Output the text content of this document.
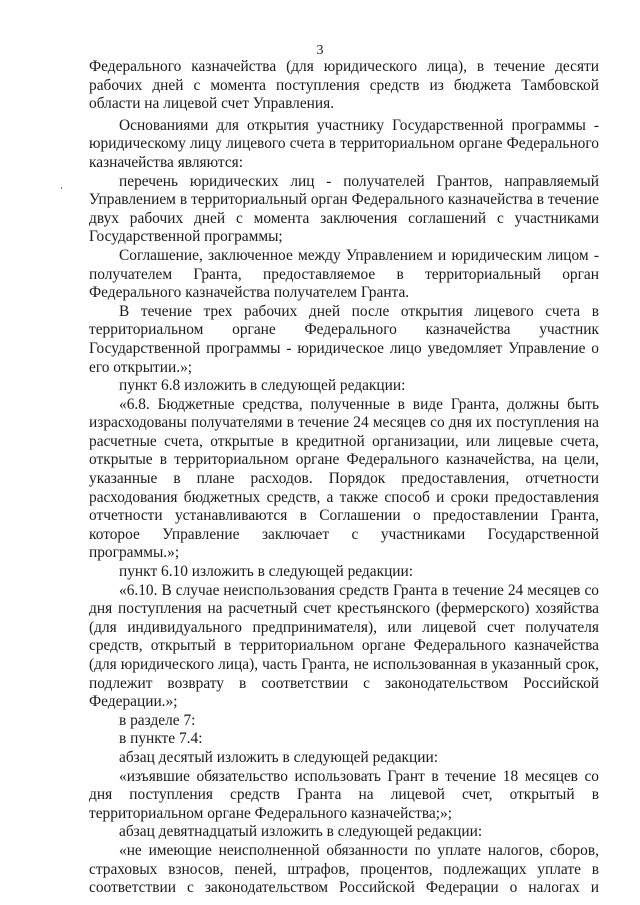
3

Федерального казначейства (для юридического лица), в течение десяти рабочих дней с момента поступления средств из бюджета Тамбовской области на лицевой счет Управления.

Основаниями для открытия участнику Государственной программы - юридическому лицу лицевого счета в территориальном органе Федерального казначейства являются:

перечень юридических лиц - получателей Грантов, направляемый Управлением в территориальный орган Федерального казначейства в течение двух рабочих дней с момента заключения соглашений с участниками Государственной программы;

Соглашение, заключенное между Управлением и юридическим лицом - получателем Гранта, предоставляемое в территориальный орган Федерального казначейства получателем Гранта.

В течение трех рабочих дней после открытия лицевого счета в территориальном органе Федерального казначейства участник Государственной программы - юридическое лицо уведомляет Управление о его открытии.»;

пункт 6.8 изложить в следующей редакции:

«6.8. Бюджетные средства, полученные в виде Гранта, должны быть израсходованы получателями в течение 24 месяцев со дня их поступления на расчетные счета, открытые в кредитной организации, или лицевые счета, открытые в территориальном органе Федерального казначейства, на цели, указанные в плане расходов. Порядок предоставления, отчетности расходования бюджетных средств, а также способ и сроки предоставления отчетности устанавливаются в Соглашении о предоставлении Гранта, которое Управление заключает с участниками Государственной программы.»;

пункт 6.10 изложить в следующей редакции:

«6.10. В случае неиспользования средств Гранта в течение 24 месяцев со дня поступления на расчетный счет крестьянского (фермерского) хозяйства (для индивидуального предпринимателя), или лицевой счет получателя средств, открытый в территориальном органе Федерального казначейства (для юридического лица), часть Гранта, не использованная в указанный срок, подлежит возврату в соответствии с законодательством Российской Федерации.»;

в разделе 7:

в пункте 7.4:

абзац десятый изложить в следующей редакции:

«изъявшие обязательство использовать Грант в течение 18 месяцев со дня поступления средств Гранта на лицевой счет, открытый в территориальном органе Федерального казначейства;»;

абзац девятнадцатый изложить в следующей редакции:

«не имеющие неисполненной обязанности по уплате налогов, сборов, страховых взносов, пеней, штрафов, процентов, подлежащих уплате в соответствии с законодательством Российской Федерации о налогах и
